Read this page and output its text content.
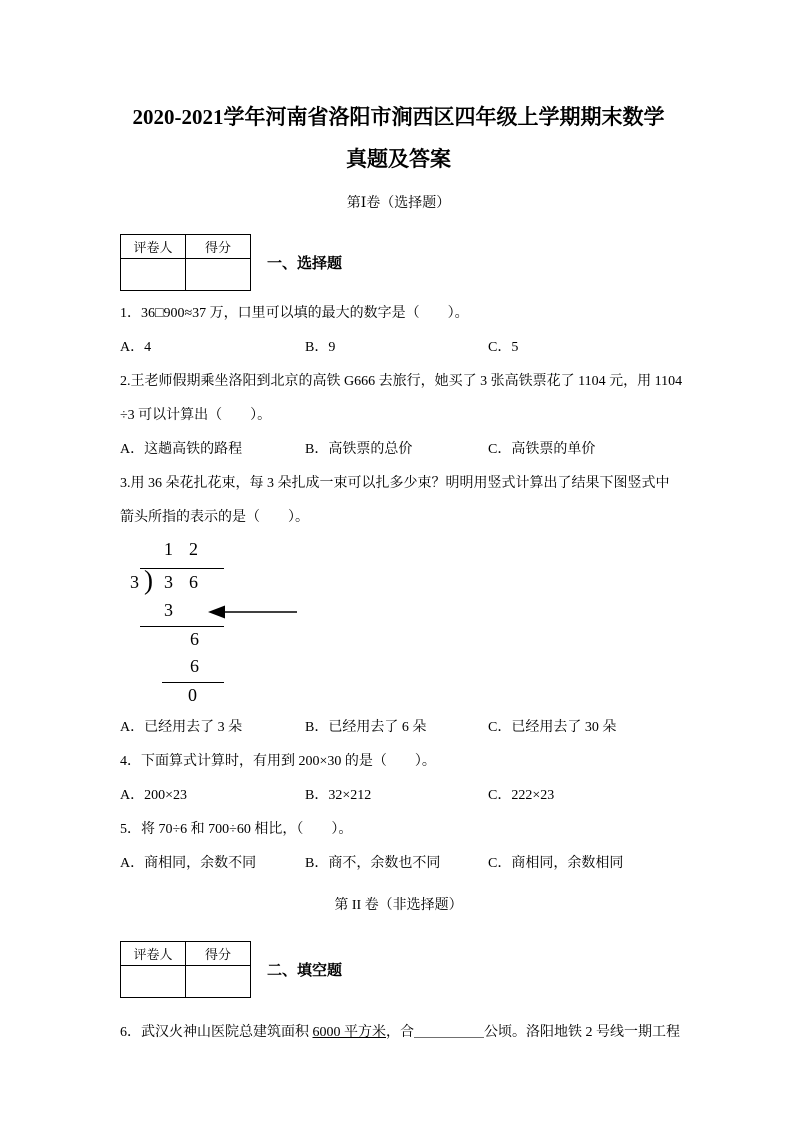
2020-2021学年河南省洛阳市涧西区四年级上学期期末数学
真题及答案
第Ⅰ卷（选择题）
评卷人	得分

一、选择题
1．36□900≈37 万，口里可以填的最大的数字是（　　）。
A．4	B．9	C．5
2.王老师假期乘坐洛阳到北京的高铁 G666 去旅行，她买了 3 张高铁票花了 1104 元，用 1104
÷3 可以计算出（　　）。
A．这趟高铁的路程	B．高铁票的总价	C．高铁票的单价
3.用 36 朵花扎花束，每 3 朵扎成一束可以扎多少束？明明用竖式计算出了结果下图竖式中
箭头所指的表示的是（　　）。
12
3 ) 36
3
6
6
0
A．已经用去了 3 朵	B．已经用去了 6 朵	C．已经用去了 30 朵
4．下面算式计算时，有用到 200×30 的是（　　）。
A．200×23	B．32×212	C．222×23
5．将 70÷6 和 700÷60 相比，（　　）。
A．商相同，余数不同	B．商不，余数也不同	C．商相同，余数相同
第 II 卷（非选择题）
评卷人	得分

二、填空题
6．武汉火神山医院总建筑面积 6000 平方米，合＿＿＿＿＿公顷。洛阳地铁 2 号线一期工程
